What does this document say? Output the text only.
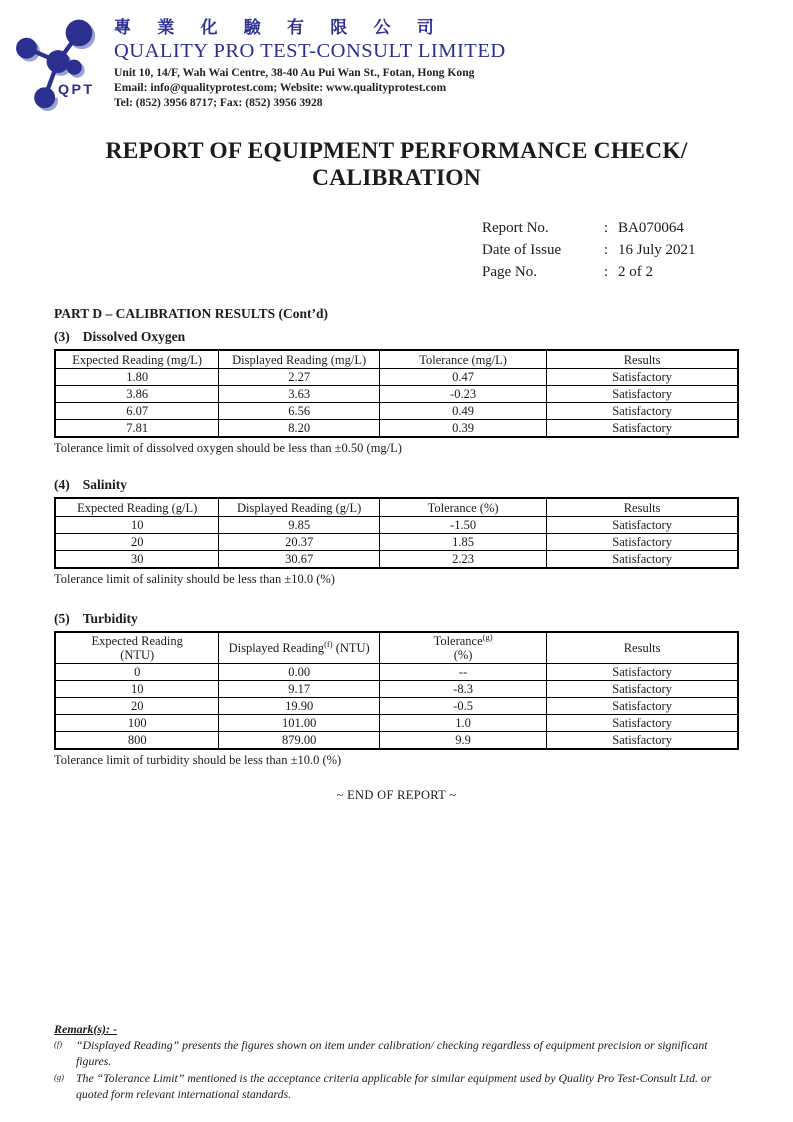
QPT
專 業 化 驗 有 限 公 司
QUALITY PRO TEST-CONSULT LIMITED
Unit 10, 14/F, Wah Wai Centre, 38-40 Au Pui Wan St., Fotan, Hong Kong
Email: info@qualityprotest.com; Website: www.qualityprotest.com
Tel: (852) 3956 8717; Fax: (852) 3956 3928
REPORT OF EQUIPMENT PERFORMANCE CHECK/ CALIBRATION
Report No.	: BA070064
Date of Issue	: 16 July 2021
Page No.	: 2 of 2
PART D – CALIBRATION RESULTS (Cont’d)
(3) Dissolved Oxygen
Expected Reading (mg/L)	Displayed Reading (mg/L)	Tolerance (mg/L)	Results
1.80	2.27	0.47	Satisfactory
3.86	3.63	-0.23	Satisfactory
6.07	6.56	0.49	Satisfactory
7.81	8.20	0.39	Satisfactory
Tolerance limit of dissolved oxygen should be less than ±0.50 (mg/L)
(4) Salinity
Expected Reading (g/L)	Displayed Reading (g/L)	Tolerance (%)	Results
10	9.85	-1.50	Satisfactory
20	20.37	1.85	Satisfactory
30	30.67	2.23	Satisfactory
Tolerance limit of salinity should be less than ±10.0 (%)
(5) Turbidity
Expected Reading
(NTU)	Displayed Reading$^{(f)}$ (NTU)	Tolerance$^{(g)}$
(%)	Results
0	0.00	--	Satisfactory
10	9.17	-8.3	Satisfactory
20	19.90	-0.5	Satisfactory
100	101.00	1.0	Satisfactory
800	879.00	9.9	Satisfactory
Tolerance limit of turbidity should be less than ±10.0 (%)
~ END OF REPORT ~
Remark(s): -
(f)	“Displayed Reading” presents the figures shown on item under calibration/ checking regardless of equipment precision or significant figures.
(g)	The “Tolerance Limit” mentioned is the acceptance criteria applicable for similar equipment used by Quality Pro Test-Consult Ltd. or quoted form relevant international standards.
